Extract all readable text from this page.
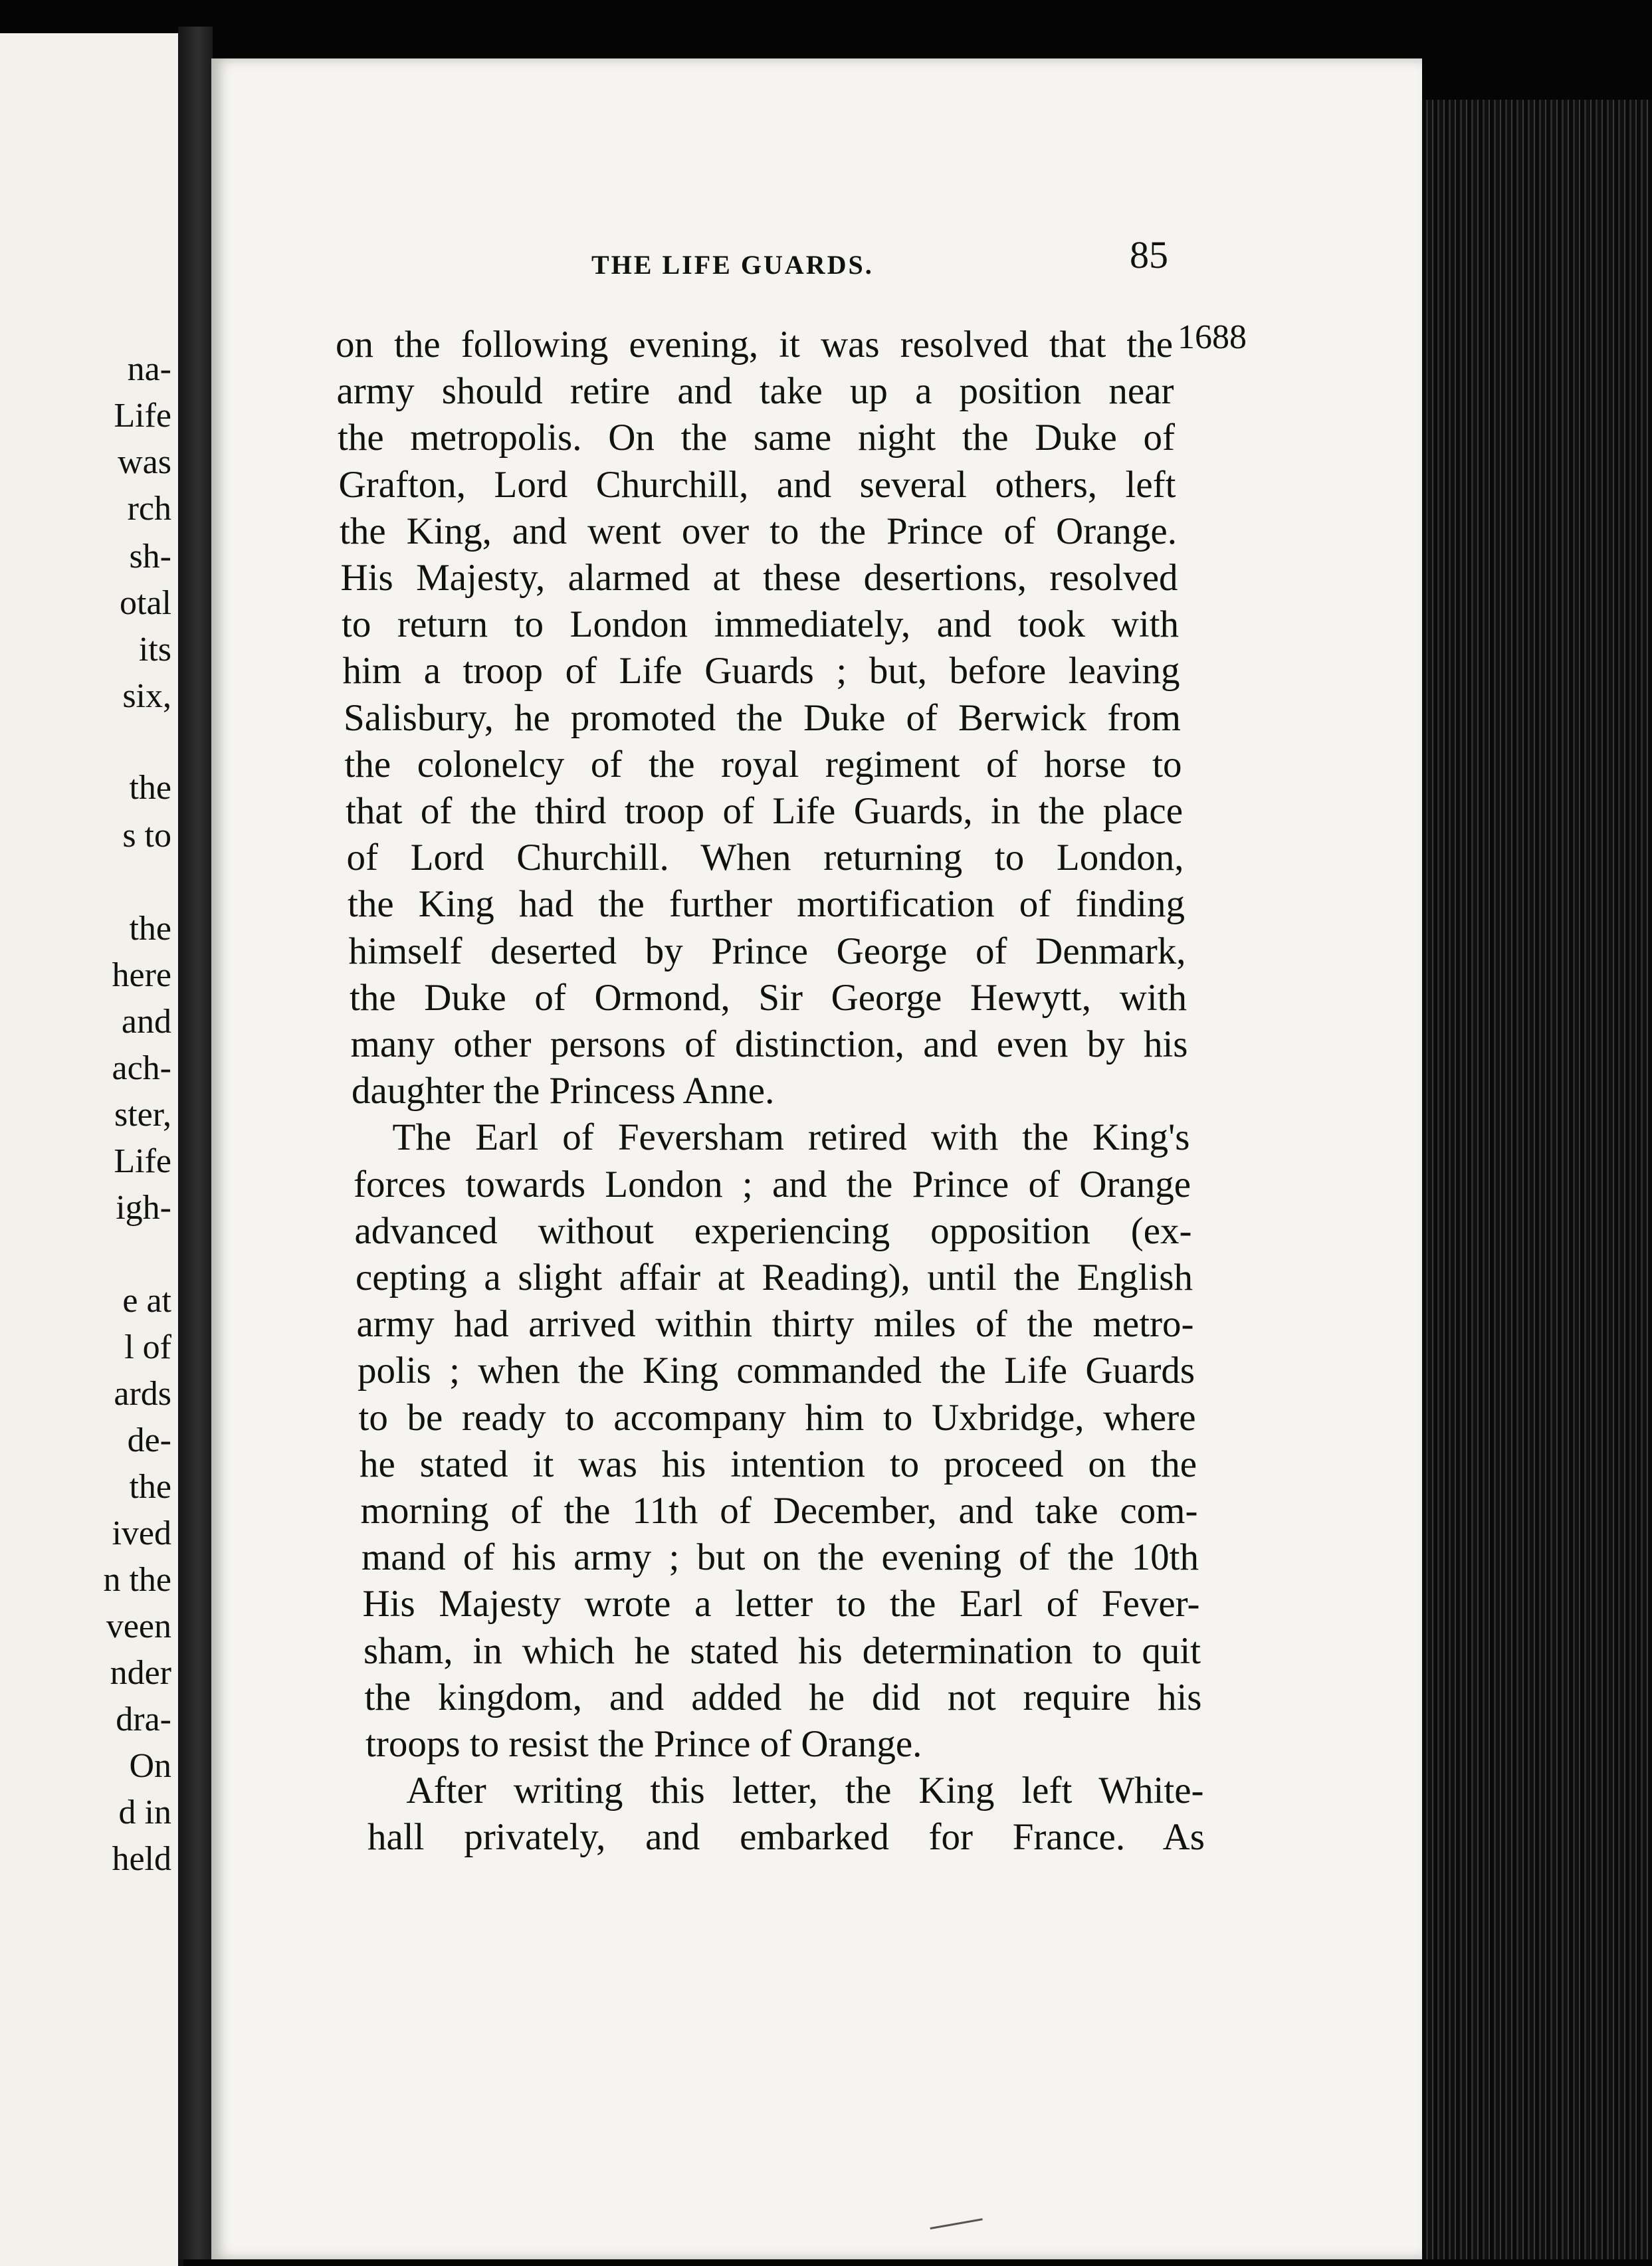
na-
Life
was
rch
sh-
otal
its
six,
the
s to
the
here
and
ach-
ster,
Life
igh-
e at
l of
ards
de-
the
ived
n the
veen
nder
dra-
On
d in
held
THE LIFE GUARDS.	85
1688
on the following evening, it was resolved that the
army should retire and take up a position near
the metropolis. On the same night the Duke of
Grafton, Lord Churchill, and several others, left
the King, and went over to the Prince of Orange.
His Majesty, alarmed at these desertions, resolved
to return to London immediately, and took with
him a troop of Life Guards ; but, before leaving
Salisbury, he promoted the Duke of Berwick from
the colonelcy of the royal regiment of horse to
that of the third troop of Life Guards, in the place
of Lord Churchill. When returning to London,
the King had the further mortification of finding
himself deserted by Prince George of Denmark,
the Duke of Ormond, Sir George Hewytt, with
many other persons of distinction, and even by his
daughter the Princess Anne.
The Earl of Feversham retired with the King's
forces towards London ; and the Prince of Orange
advanced without experiencing opposition (ex-
cepting a slight affair at Reading), until the English
army had arrived within thirty miles of the metro-
polis ; when the King commanded the Life Guards
to be ready to accompany him to Uxbridge, where
he stated it was his intention to proceed on the
morning of the 11th of December, and take com-
mand of his army ; but on the evening of the 10th
His Majesty wrote a letter to the Earl of Fever-
sham, in which he stated his determination to quit
the kingdom, and added he did not require his
troops to resist the Prince of Orange.
After writing this letter, the King left White-
hall privately, and embarked for France. As
